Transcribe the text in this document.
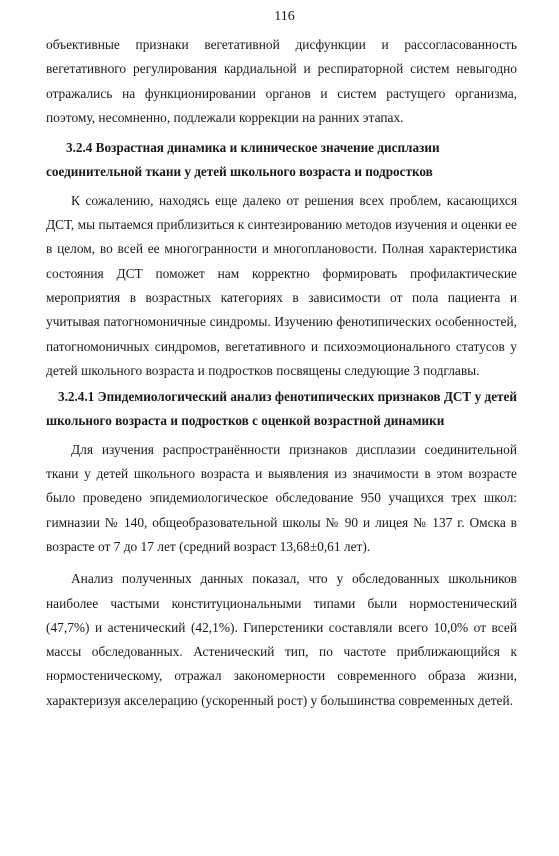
116

объективные признаки вегетативной дисфункции и рассогласованность вегетативного регулирования кардиальной и респираторной систем невыгодно отражались на функционировании органов и систем растущего организма, поэтому, несомненно, подлежали коррекции на ранних этапах.

3.2.4 Возрастная динамика и клиническое значение дисплазии соединительной ткани у детей школьного возраста и подростков

К сожалению, находясь еще далеко от решения всех проблем, касающихся ДСТ, мы пытаемся приблизиться к синтезированию методов изучения и оценки ее в целом, во всей ее многогранности и многоплановости. Полная характеристика состояния ДСТ поможет нам корректно формировать профилактические мероприятия в возрастных категориях в зависимости от пола пациента и учитывая патогномоничные синдромы. Изучению фенотипических особенностей, патогномоничных синдромов, вегетативного и психоэмоционального статусов у детей школьного возраста и подростков посвящены следующие 3 подглавы.

3.2.4.1 Эпидемиологический анализ фенотипических признаков ДСТ у детей школьного возраста и подростков с оценкой возрастной динамики

Для изучения распространённости признаков дисплазии соединительной ткани у детей школьного возраста и выявления из значимости в этом возрасте было проведено эпидемиологическое обследование 950 учащихся трех школ: гимназии № 140, общеобразовательной школы № 90 и лицея № 137 г. Омска в возрасте от 7 до 17 лет (средний возраст 13,68±0,61 лет).

Анализ полученных данных показал, что у обследованных школьников наиболее частыми конституциональными типами были нормостенический (47,7%) и астенический (42,1%). Гиперстеники составляли всего 10,0% от всей массы обследованных. Астенический тип, по частоте приближающийся к нормостеническому, отражал закономерности современного образа жизни, характеризуя акселерацию (ускоренный рост) у большинства современных детей.
